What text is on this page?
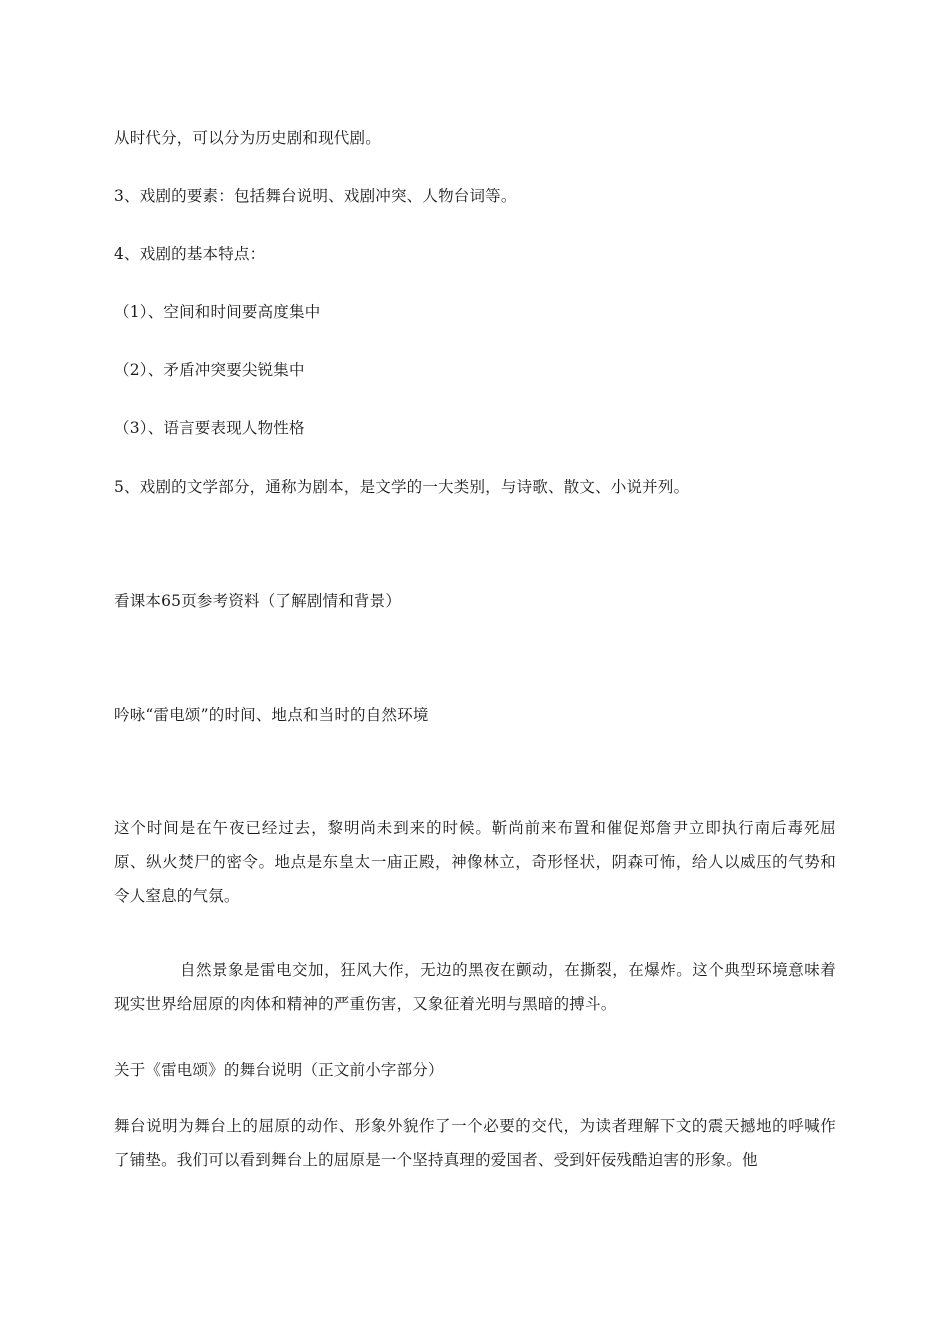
从时代分，可以分为历史剧和现代剧。
3、戏剧的要素：包括舞台说明、戏剧冲突、人物台词等。
4、戏剧的基本特点：
（1）、空间和时间要高度集中
（2）、矛盾冲突要尖锐集中
（3）、语言要表现人物性格
5、戏剧的文学部分，通称为剧本，是文学的一大类别，与诗歌、散文、小说并列。
看课本65页参考资料（了解剧情和背景）
吟咏“雷电颂”的时间、地点和当时的自然环境
这个时间是在午夜已经过去，黎明尚未到来的时候。靳尚前来布置和催促郑詹尹立即执行南后毒死屈原、纵火焚尸的密令。地点是东皇太一庙正殿，神像林立，奇形怪状，阴森可怖，给人以威压的气势和令人窒息的气氛。
自然景象是雷电交加，狂风大作，无边的黑夜在颤动，在撕裂，在爆炸。这个典型环境意味着现实世界给屈原的肉体和精神的严重伤害，又象征着光明与黑暗的搏斗。
关于《雷电颂》的舞台说明（正文前小字部分）
舞台说明为舞台上的屈原的动作、形象外貌作了一个必要的交代，为读者理解下文的震天撼地的呼喊作了铺垫。我们可以看到舞台上的屈原是一个坚持真理的爱国者、受到奸佞残酷迫害的形象。他
